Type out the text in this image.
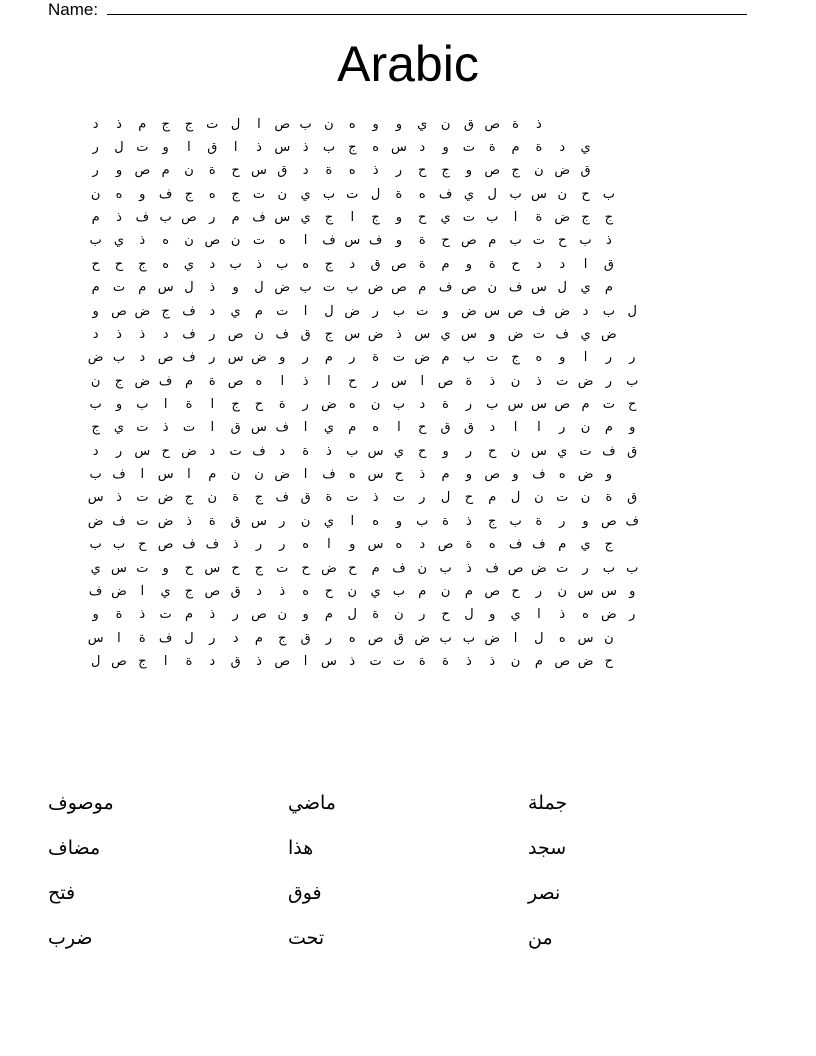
Name:
Arabic
د	ذ	م	ج	ج	ت ل	ا	ص ب ن	ه	و	و	ي	ن	ق ص ة	ذ
ر	ل ت	و	ا	ق	ا	ذ س ذ	ب	ج	ه س د	و	ت	ة	م	ة	د	ي
ر	و ص م	ن	ة	ح س ق	د	ة	ه	ذ	ر	ح	ج	و ص ج	ن ض ق
ن	ه	و	ف ج	ه	ج	ت ن	ي ب ت ل	ة	ه	ف ي	ل ب س ن	ح	ب
م	ذ	ف ب ص ر	م ف س ي	ج	ا	ج	و	ح	ي ت ب	ا	ة ض ج	ج
ب ي	ذ	ه	ن ص ن ت	ه	ا	ف س ف	و	ة	ح ص م	ب ت	ح	ب	ذ
ح	ح	ج	ه	ي	د	ب	ذ	ب	ه	ج	د	ق ص ة	م	و	ة	ح	د	د	ا	ق
م	ت	م س ل	ذ	و	ل ض ب ت ب ض ص م ف ص ن ف س ل	ي	م
و ص ض ج ف	د	ي	م	ت	ا	ل ض ر	ب ت	و ض س ص ف ض د	ب ل
د	ذ	ذ	د	ف	ر ص ن ف ق	ج س ض ذ س ي س و ض ت ف ي ض
ض ب	د ص ف	ر س ض و	ر	م	ر	ة	ت ض م	ب ت	ج	ه	و	ا	ر	ر
ن	ج ض ف م	ة ص ه	ا	ذ	ا	ح	ر س	ا	ص ة	ذ	ن	ذ	ت ض ر	ب
ب	و	ب	ا	ة	ا	ج	ح	ة	ر ض ه	ن ب	د	ة	ر	ب س س ص م	ت	ح
ج	ي ت	ذ	ت	ا	ق س ف	ا	ي	م	ه	ا	ح	ق	ق	د	ا	ا	ر	ن	م	و
د	ر س ح ض د	ت ف	د	ة	ذ	ب س ي	ح	و	ر	ح	ن س ي ت ف ق
ب ف	ا	س	ا	م	ن	ن ض	ا	ف	ه س ح	ذ	م	و ص و	ف	ه ض و
س ذ	ت ض ج	ن	ة	ج ف ق	ة	ت	ذ	ت	ر	ل	ح	م	ل	ن ت ن	ة	ق
ض ف ت ض ذ	ة	ق س ر	ن	ي	ا	ه	و	ب	ة	ذ	ج	ب	ة	ر	و ص ف
ب ب	ح ص ف ف	ذ	ر	ر	ه	ا	و س ه	د ص ة	ه	ف ف م	ي	ج
ي س ت	و	ح س ح	ج	ت	ح ض ح	م ف ن ب	ذ	ف ص ض ت	ر	ب ب
ف ض	ا	ي	ج ص ق	د	ذ	ه	ح	ن	ي ب	م	ن	م ص ح	ر	ن س س و
و	ة	ذ	ت	م	ذ	ر ص ن	و	م	ل	ة	ن	ر	ح	ل	و	ي	ا	ذ	ه ض ر
س	ا	ة	ف ل	ر	د	م	ج	ق	ر	ه ص ق ض ب ب ض	ا	ل	ه س ن
ل ص ج	ا	ة	د	ق	ذ ص	ا	س ذ	ت ت	ة	ة	ذ	ذ	ن	م ص ض ح
موصوف	ماضي	جملة
مضاف	هذا	سجد
فتح	فوق	نصر
ضرب	تحت	من
